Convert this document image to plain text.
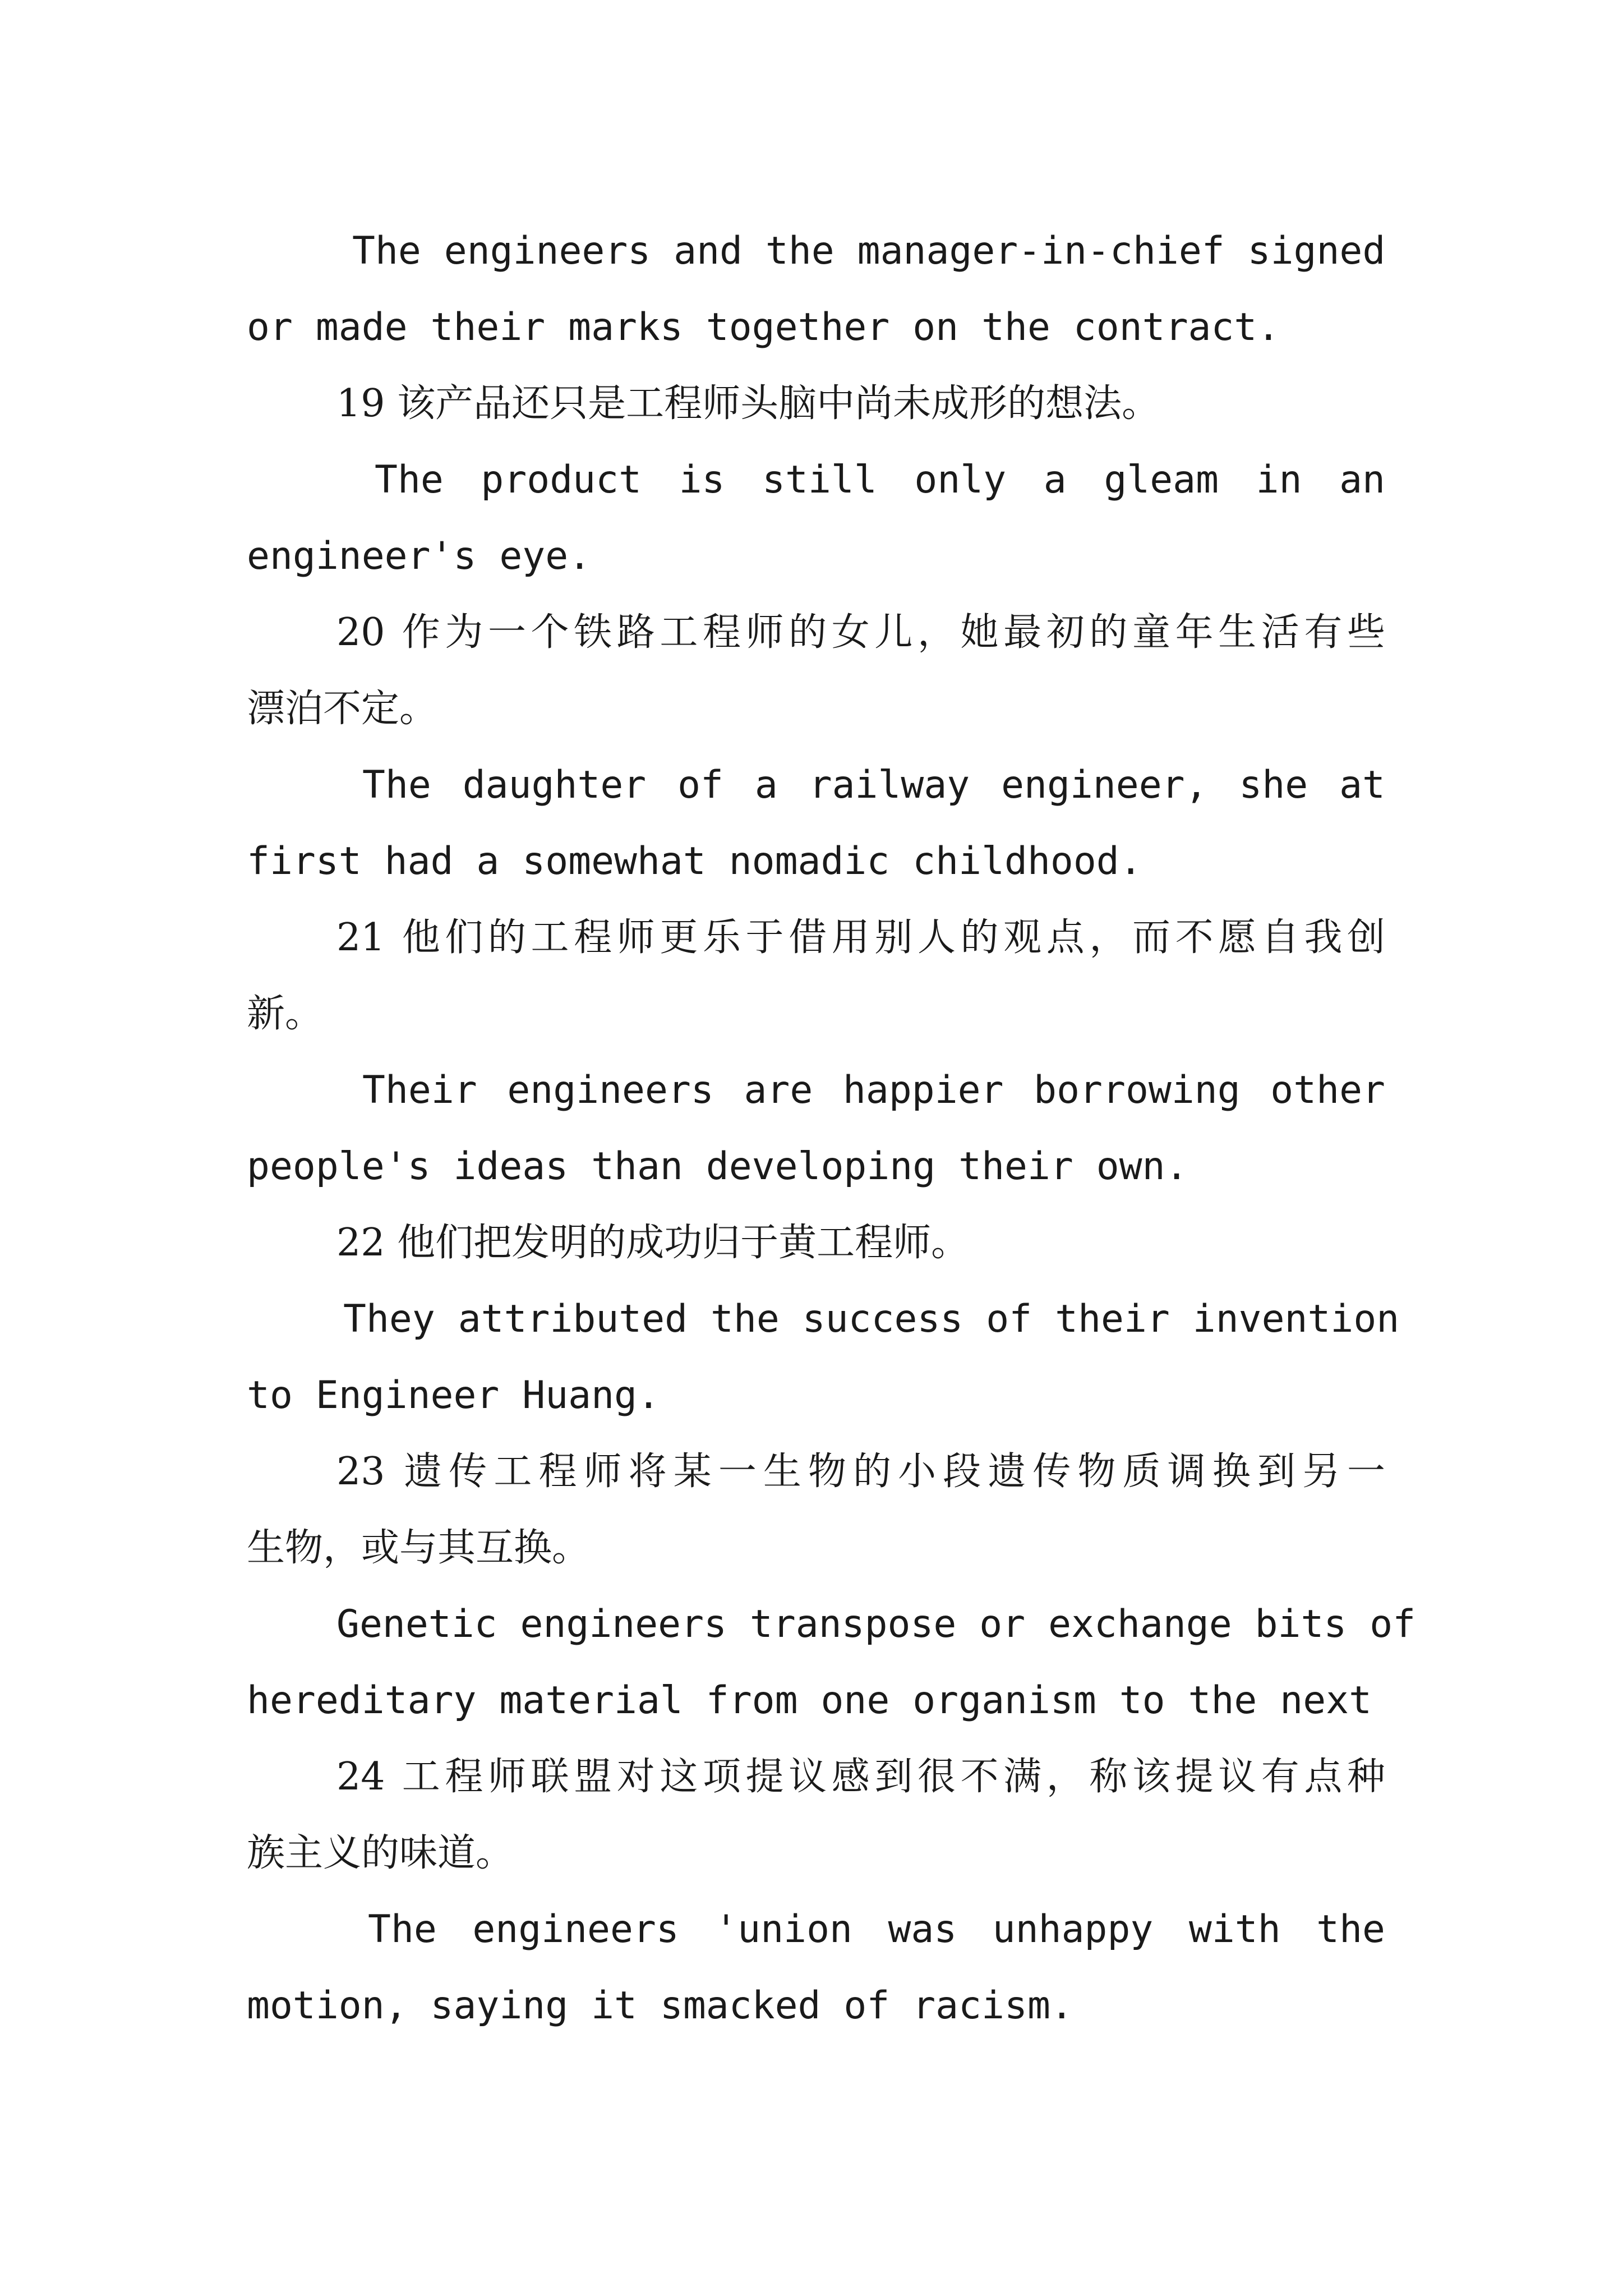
The engineers and the manager-in-chief signed
or made their marks together on the contract.
19 该产品还只是工程师头脑中尚未成形的想法。
The product is still only a gleam in an
engineer's eye.
20 作为一个铁路工程师的女儿，她最初的童年生活有些
漂泊不定。
The daughter of a railway engineer, she at
first had a somewhat nomadic childhood.
21 他们的工程师更乐于借用别人的观点，而不愿自我创
新。
Their engineers are happier borrowing other
people's ideas than developing their own.
22 他们把发明的成功归于黄工程师。
They attributed the success of their invention
to Engineer Huang.
23 遗传工程师将某一生物的小段遗传物质调换到另一
生物，或与其互换。
Genetic engineers transpose or exchange bits of
hereditary material from one organism to the next
24 工程师联盟对这项提议感到很不满，称该提议有点种
族主义的味道。
The engineers 'union was unhappy with the
motion, saying it smacked of racism.
